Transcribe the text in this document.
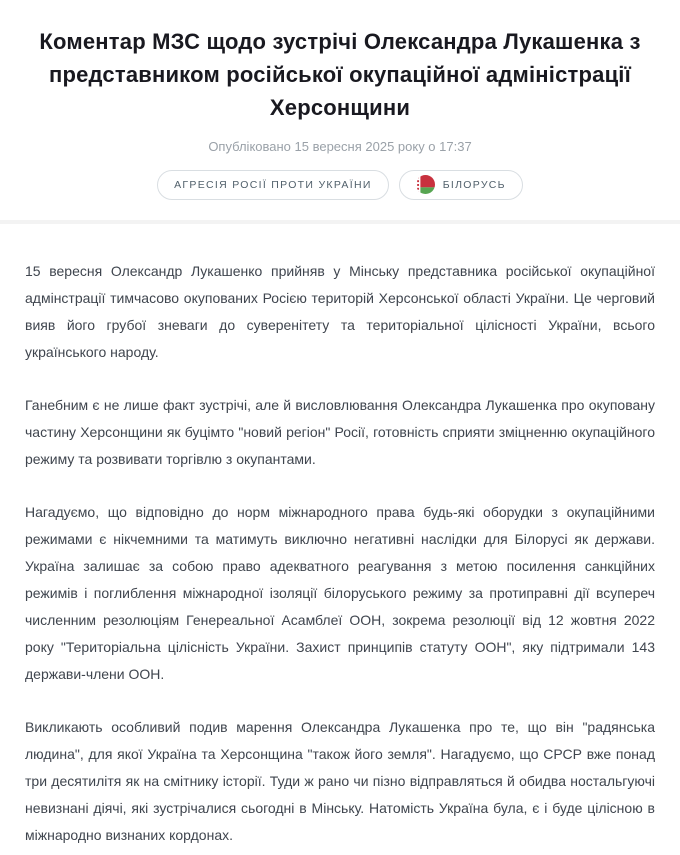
Коментар МЗС щодо зустрічі Олександра Лукашенка з
представником російської окупаційної адміністрації
Херсонщини
Опубліковано 15 вересня 2025 року о 17:37
АГРЕСІЯ РОСІЇ ПРОТИ УКРАЇНИ	БІЛОРУСЬ

15 вересня Олександр Лукашенко прийняв у Мінську представника російської окупаційної адмінстрації тимчасово окупованих Росією територій Херсонської області України. Це черговий вияв його грубої зневаги до суверенітету та територіальної цілісності України, всього українського народу.

Ганебним є не лише факт зустрічі, але й висловлювання Олександра Лукашенка про окуповану частину Херсонщини як буцімто "новий регіон" Росії, готовність сприяти зміцненню окупаційного режиму та розвивати торгівлю з окупантами.

Нагадуємо, що відповідно до норм міжнародного права будь-які оборудки з окупаційними режимами є нікчемними та матимуть виключно негативні наслідки для Білорусі як держави. Україна залишає за собою право адекватного реагування з метою посилення санкційних режимів і поглиблення міжнародної ізоляції білоруського режиму за протиправні дії всупереч численним резолюціям Генереальної Асамблеї ООН, зокрема резолюції від 12 жовтня 2022 року "Територіальна цілісність України. Захист принципів статуту ООН", яку підтримали 143 держави-члени ООН.

Викликають особливий подив марення Олександра Лукашенка про те, що він "радянська людина", для якої Україна та Херсонщина "також його земля". Нагадуємо, що СРСР вже понад три десятилітя як на смітнику історії. Туди ж рано чи пізно відправляться й обидва ностальгуючі невизнані діячі, які зустрічалися сьогодні в Мінську. Натомість Україна була, є і буде цілісною в міжнародно визнаних кордонах.
